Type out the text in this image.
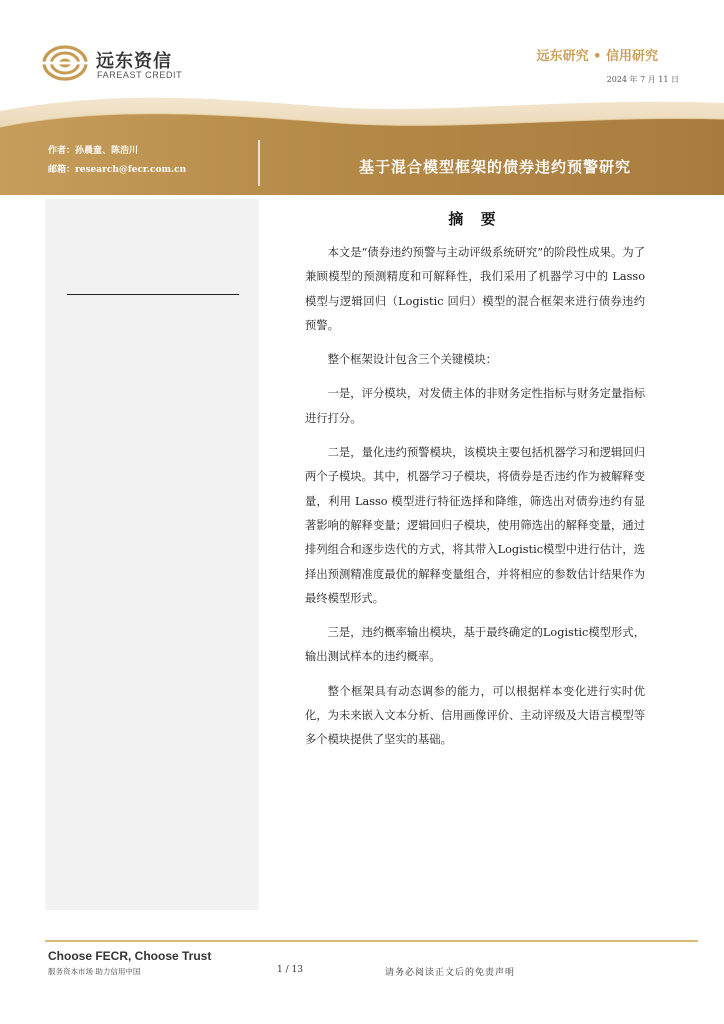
远东资信
FAREAST CREDIT
远东研究 • 信用研究
2024 年 7 月 11 日
作者：孙晨童、陈浩川
邮箱：research@fecr.com.cn	基于混合模型框架的债券违约预警研究
摘 要

本文是“债券违约预警与主动评级系统研究”的阶段性成果。为了兼顾模型的预测精度和可解释性，我们采用了机器学习中的 Lasso 模型与逻辑回归（Logistic 回归）模型的混合框架来进行债券违约预警。

整个框架设计包含三个关键模块：

一是，评分模块，对发债主体的非财务定性指标与财务定量指标进行打分。

二是，量化违约预警模块，该模块主要包括机器学习和逻辑回归两个子模块。其中，机器学习子模块，将债券是否违约作为被解释变量，利用 Lasso 模型进行特征选择和降维，筛选出对债券违约有显著影响的解释变量；逻辑回归子模块，使用筛选出的解释变量，通过排列组合和逐步迭代的方式，将其带入Logistic模型中进行估计，选择出预测精准度最优的解释变量组合，并将相应的参数估计结果作为最终模型形式。

三是，违约概率输出模块，基于最终确定的Logistic模型形式，输出测试样本的违约概率。

整个框架具有动态调参的能力，可以根据样本变化进行实时优化，为未来嵌入文本分析、信用画像评价、主动评级及大语言模型等多个模块提供了坚实的基础。

Choose FECR, Choose Trust
服务资本市场 助力信用中国	1 / 13	请务必阅读正文后的免责声明
